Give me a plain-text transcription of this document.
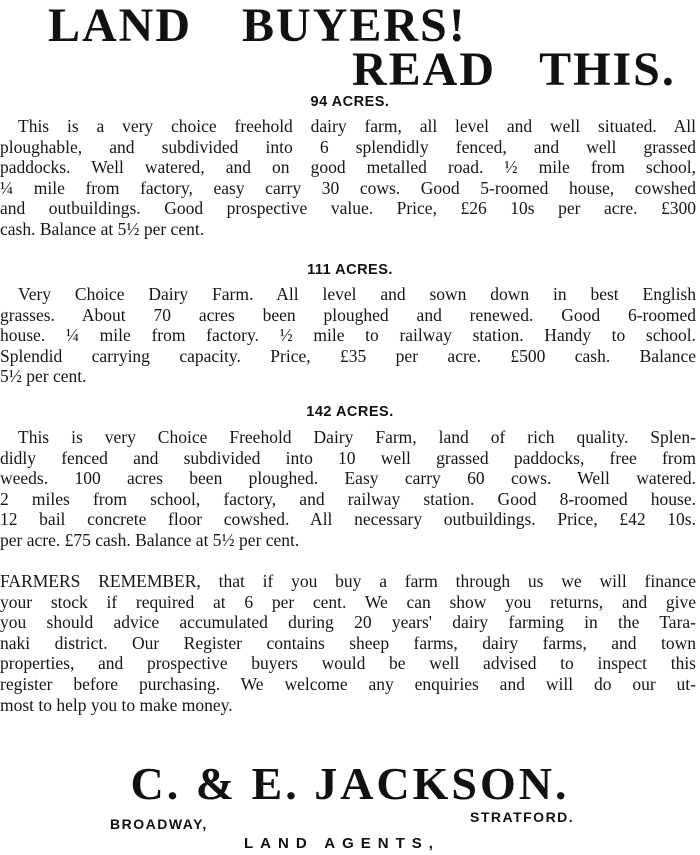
LAND BUYERS!
READ THIS.
94 ACRES.
This is a very choice freehold dairy farm, all level and well situated. All
ploughable, and subdivided into 6 splendidly fenced, and well grassed
paddocks. Well watered, and on good metalled road. ½ mile from school,
¼ mile from factory, easy carry 30 cows. Good 5-roomed house, cowshed
and outbuildings. Good prospective value. Price, £26 10s per acre. £300
cash. Balance at 5½ per cent.
111 ACRES.
Very Choice Dairy Farm. All level and sown down in best English
grasses. About 70 acres been ploughed and renewed. Good 6-roomed
house. ¼ mile from factory. ½ mile to railway station. Handy to school.
Splendid carrying capacity. Price, £35 per acre. £500 cash. Balance
5½ per cent.
142 ACRES.
This is very Choice Freehold Dairy Farm, land of rich quality. Splen-
didly fenced and subdivided into 10 well grassed paddocks, free from
weeds. 100 acres been ploughed. Easy carry 60 cows. Well watered.
2 miles from school, factory, and railway station. Good 8-roomed house.
12 bail concrete floor cowshed. All necessary outbuildings. Price, £42 10s.
per acre. £75 cash. Balance at 5½ per cent.
FARMERS REMEMBER, that if you buy a farm through us we will finance
your stock if required at 6 per cent. We can show you returns, and give
you should advice accumulated during 20 years' dairy farming in the Tara-
naki district. Our Register contains sheep farms, dairy farms, and town
properties, and prospective buyers would be well advised to inspect this
register before purchasing. We welcome any enquiries and will do our ut-
most to help you to make money.
C. & E. JACKSON.
BROADWAY,	STRATFORD.
LAND AGENTS,
